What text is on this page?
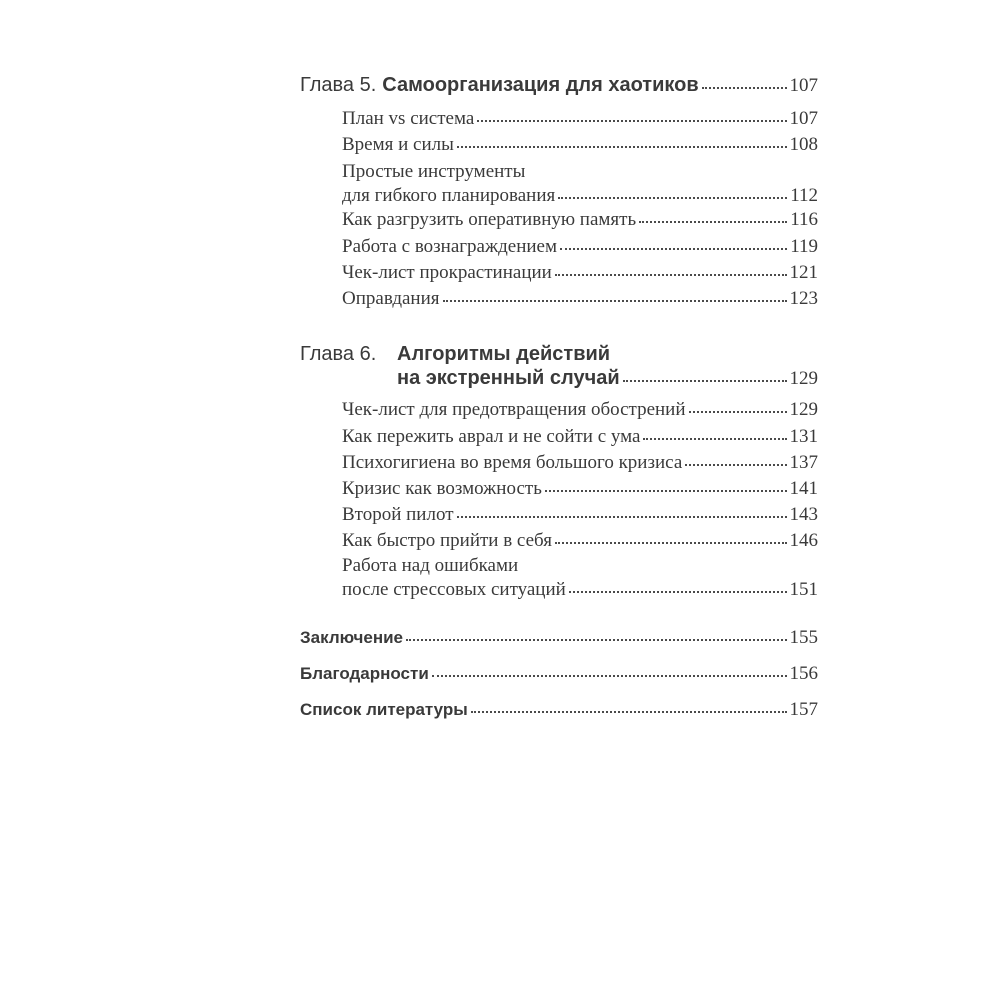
Глава 5. Самоорганизация для хаотиков	107
План vs система	107
Время и силы	108
Простые инструменты
для гибкого планирования	112
Как разгрузить оперативную память	116
Работа с вознаграждением	119
Чек-лист прокрастинации	121
Оправдания	123
Глава 6. Алгоритмы действий
на экстренный случай	129
Чек-лист для предотвращения обострений	129
Как пережить аврал и не сойти с ума	131
Психогигиена во время большого кризиса	137
Кризис как возможность	141
Второй пилот	143
Как быстро прийти в себя	146
Работа над ошибками
после стрессовых ситуаций	151
Заключение	155
Благодарности	156
Список литературы	157
